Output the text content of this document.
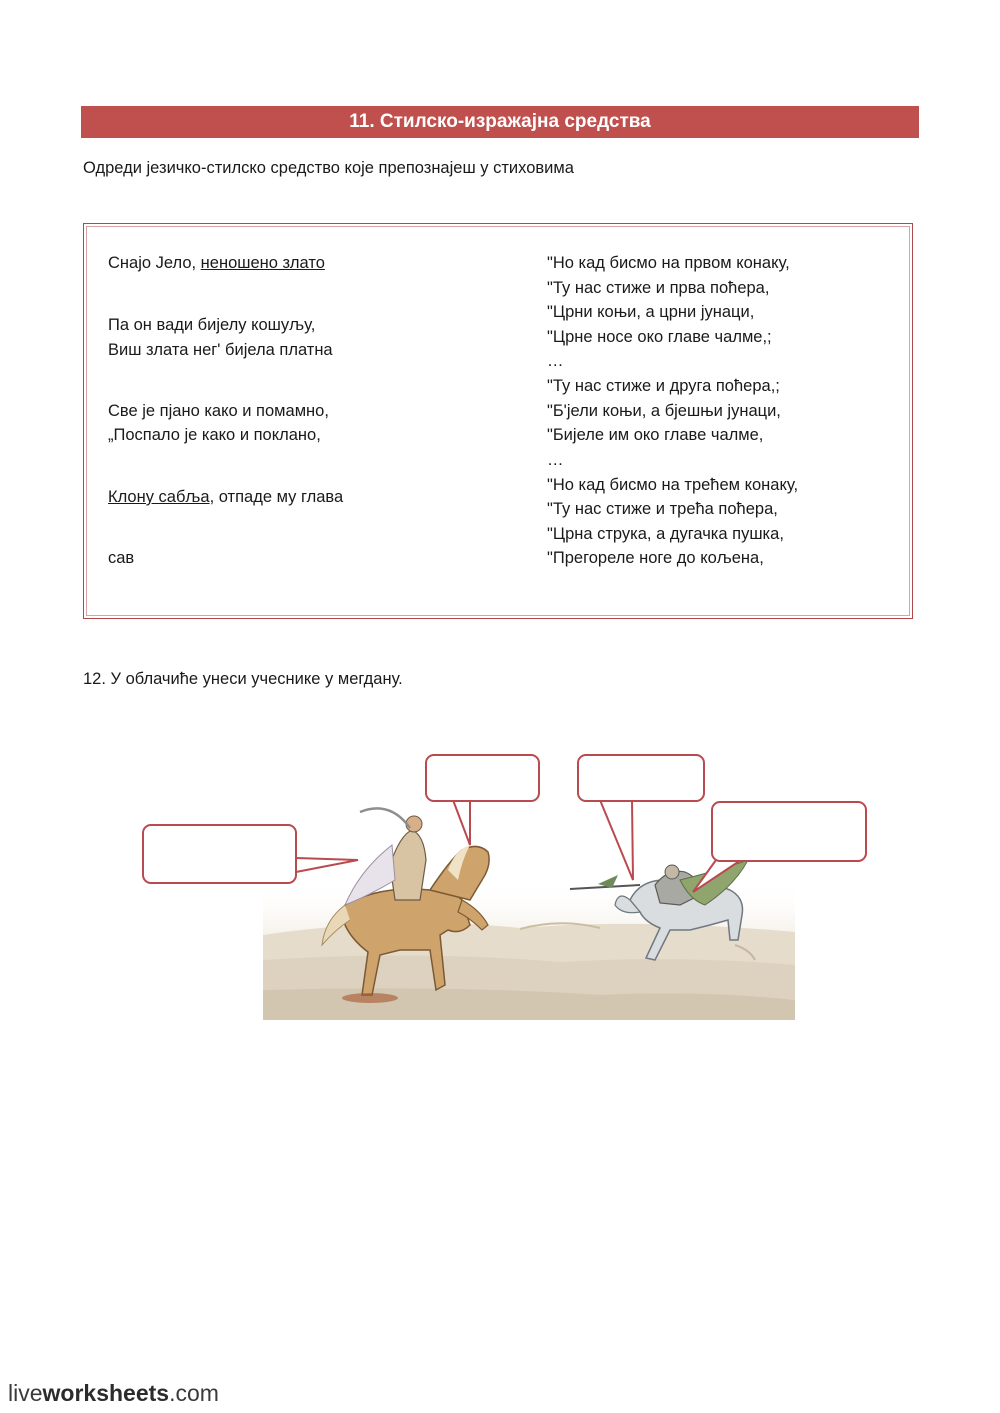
11. Стилско-изражајна средства
Одреди језичко-стилско средство које препознајеш у стиховима
Снајо Јело, неношено злато
Па он вади бијелу кошуљу,
Виш злата нег' бијела платна
Све је пјано како и помамно,
„Поспало је како и поклано,
Клону сабља, отпаде му глава
сав
"Но кад бисмо на првом конаку,
"Ту нас стиже и прва поћера,
"Црни коњи, а црни јунаци,
"Црне носе око главе чалме,;
…
"Ту нас стиже и друга поћера,;
"Б'јели коњи, а бјешњи јунаци,
"Бијеле им око главе чалме,
…
"Но кад бисмо на трећем конаку,
"Ту нас стиже и трећа поћера,
"Црна струка, а дугачка пушка,
"Прегореле ноге до кољена,
12. У облачиће унеси учеснике у мегдану.
liveworksheets.com
